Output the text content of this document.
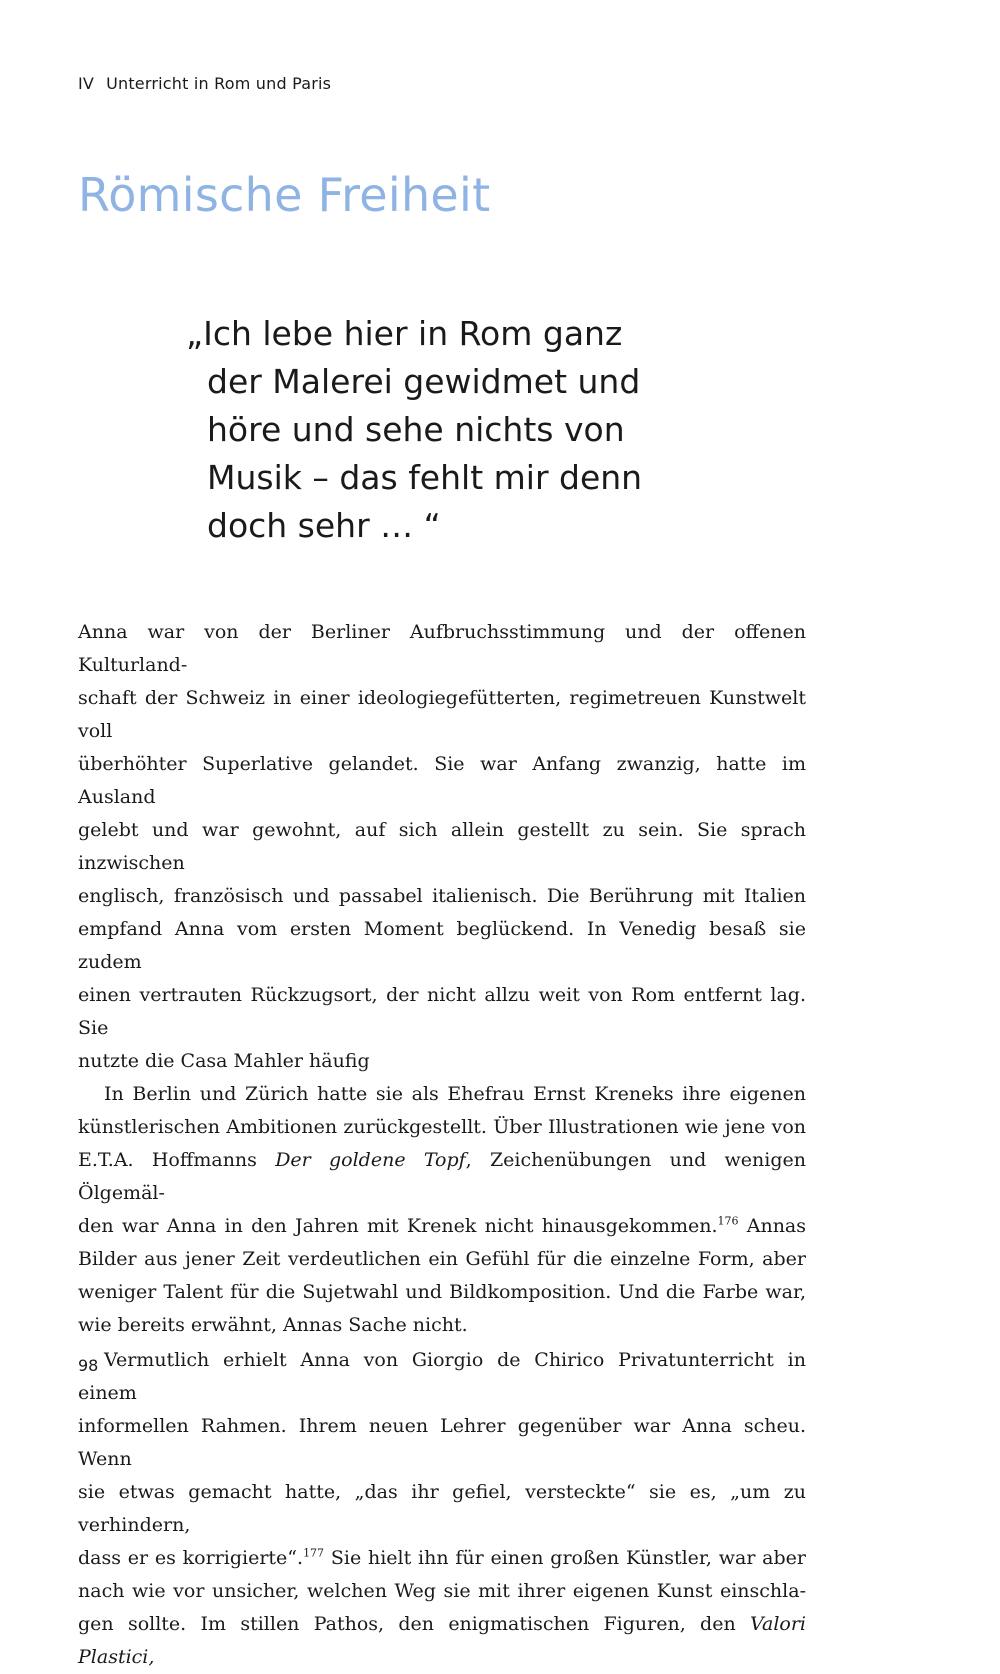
IV Unterricht in Rom und Paris
Römische Freiheit
„Ich lebe hier in Rom ganz
der Malerei gewidmet und
höre und sehe nichts von
Musik – das fehlt mir denn
doch sehr … “

Anna war von der Berliner Aufbruchsstimmung und der offenen Kulturland-

schaft der Schweiz in einer ideologiegefütterten, regimetreuen Kunstwelt voll

überhöhter Superlative gelandet. Sie war Anfang zwanzig, hatte im Ausland

gelebt und war gewohnt, auf sich allein gestellt zu sein. Sie sprach inzwischen

englisch, französisch und passabel italienisch. Die Berührung mit Italien

empfand Anna vom ersten Moment beglückend. In Venedig besaß sie zudem

einen vertrauten Rückzugsort, der nicht allzu weit von Rom entfernt lag. Sie

nutzte die Casa Mahler häufig

In Berlin und Zürich hatte sie als Ehefrau Ernst Kreneks ihre eigenen

künstlerischen Ambitionen zurückgestellt. Über Illustrationen wie jene von

E.T.A. Hoffmanns Der goldene Topf, Zeichenübungen und wenigen Ölgemäl-

den war Anna in den Jahren mit Krenek nicht hinausgekommen.$^{176}$ Annas

Bilder aus jener Zeit verdeutlichen ein Gefühl für die einzelne Form, aber

weniger Talent für die Sujetwahl und Bildkomposition. Und die Farbe war,

wie bereits erwähnt, Annas Sache nicht.

Vermutlich erhielt Anna von Giorgio de Chirico Privatunterricht in einem

informellen Rahmen. Ihrem neuen Lehrer gegenüber war Anna scheu. Wenn

sie etwas gemacht hatte, „das ihr gefiel, versteckte“ sie es, „um zu verhindern,

dass er es korrigierte“.$^{177}$ Sie hielt ihn für einen großen Künstler, war aber

nach wie vor unsicher, welchen Weg sie mit ihrer eigenen Kunst einschla-

gen sollte. Im stillen Pathos, den enigmatischen Figuren, den Valori Plastici,

98
